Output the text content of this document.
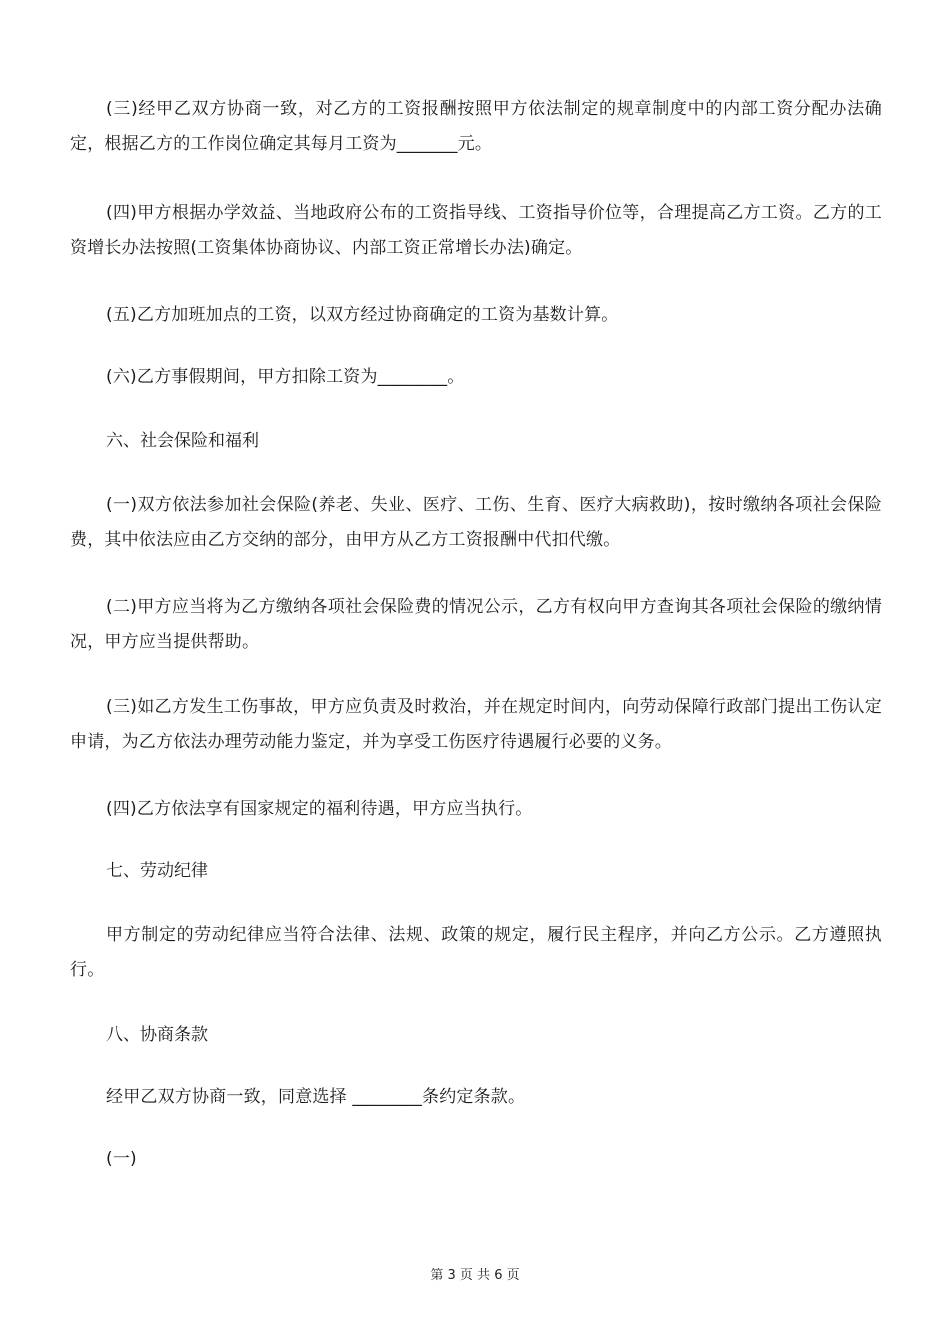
(三)经甲乙双方协商一致，对乙方的工资报酬按照甲方依法制定的规章制度中的内部工资分配办法确定，根据乙方的工作岗位确定其每月工资为_______元。

(四)甲方根据办学效益、当地政府公布的工资指导线、工资指导价位等，合理提高乙方工资。乙方的工资增长办法按照(工资集体协商协议、内部工资正常增长办法)确定。

(五)乙方加班加点的工资，以双方经过协商确定的工资为基数计算。

(六)乙方事假期间，甲方扣除工资为________。

六、社会保险和福利

(一)双方依法参加社会保险(养老、失业、医疗、工伤、生育、医疗大病救助)，按时缴纳各项社会保险费，其中依法应由乙方交纳的部分，由甲方从乙方工资报酬中代扣代缴。

(二)甲方应当将为乙方缴纳各项社会保险费的情况公示，乙方有权向甲方查询其各项社会保险的缴纳情况，甲方应当提供帮助。

(三)如乙方发生工伤事故，甲方应负责及时救治，并在规定时间内，向劳动保障行政部门提出工伤认定申请，为乙方依法办理劳动能力鉴定，并为享受工伤医疗待遇履行必要的义务。

(四)乙方依法享有国家规定的福利待遇，甲方应当执行。

七、劳动纪律

甲方制定的劳动纪律应当符合法律、法规、政策的规定，履行民主程序，并向乙方公示。乙方遵照执行。

八、协商条款

经甲乙双方协商一致，同意选择 ________条约定条款。

(一)

第 3 页 共 6 页
